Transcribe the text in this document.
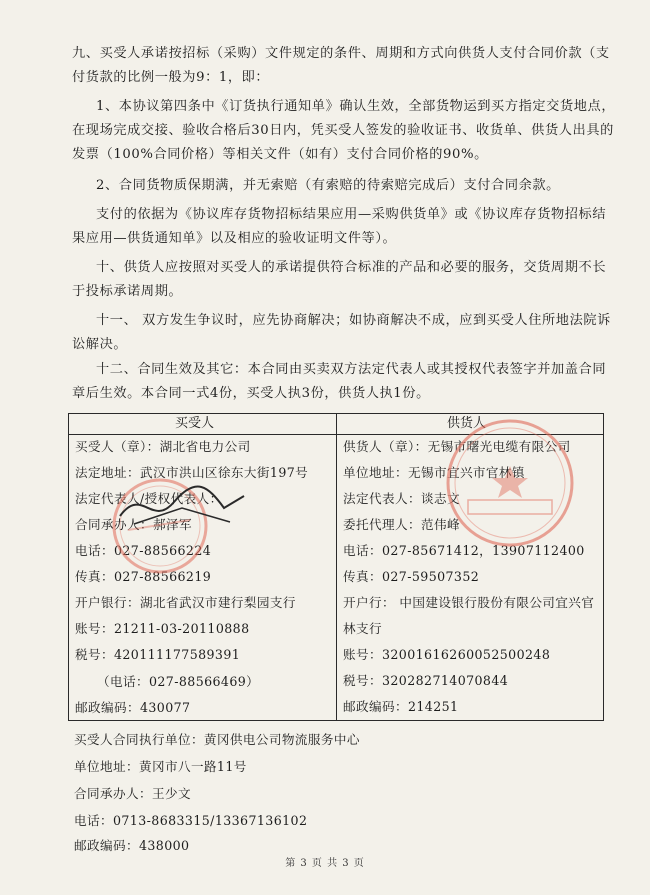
九、买受人承诺按招标（采购）文件规定的条件、周期和方式向供货人支付合同价款（支
付货款的比例一般为9：1，即：

1、本协议第四条中《订货执行通知单》确认生效，全部货物运到买方指定交货地点，
在现场完成交接、验收合格后30日内，凭买受人签发的验收证书、收货单、供货人出具的
发票（100%合同价格）等相关文件（如有）支付合同价格的90%。

2、合同货物质保期满，并无索赔（有索赔的待索赔完成后）支付合同余款。

支付的依据为《协议库存货物招标结果应用—采购供货单》或《协议库存货物招标结
果应用—供货通知单》以及相应的验收证明文件等）。

十、供货人应按照对买受人的承诺提供符合标准的产品和必要的服务，交货周期不长
于投标承诺周期。

十一、 双方发生争议时，应先协商解决；如协商解决不成，应到买受人住所地法院诉
讼解决。

十二、合同生效及其它：本合同由买卖双方法定代表人或其授权代表签字并加盖合同
章后生效。本合同一式4份，买受人执3份，供货人执1份。

买受人	供货人
买受人（章）：湖北省电力公司
法定地址：武汉市洪山区徐东大街197号
法定代表人/授权代表人：
合同承办人：郝泽军
电话：027-88566224
传真：027-88566219
开户银行：湖北省武汉市建行梨园支行
账号：21211-03-20110888
税号：420111177589391
（电话：027-88566469）
邮政编码：430077
供货人（章）：无锡市曙光电缆有限公司
单位地址：无锡市宜兴市官林镇
法定代表人：谈志文
委托代理人：范伟峰
电话：027-85671412，13907112400
传真：027-59507352
开户行： 中国建设银行股份有限公司宜兴官
林支行
账号：32001616260052500248
税号：320282714070844
邮政编码：214251
买受人合同执行单位：黄冈供电公司物流服务中心
单位地址：黄冈市八一路11号
合同承办人：王少文
电话：0713-8683315/13367136102
邮政编码：438000
第 3 页 共 3 页
